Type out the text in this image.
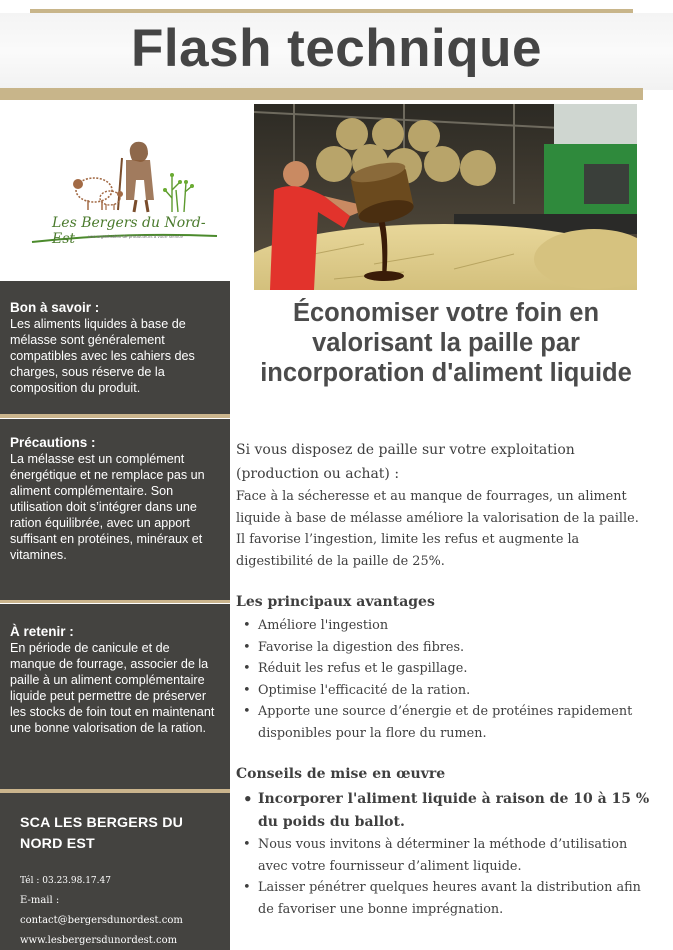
Flash technique
Les Bergers du Nord-Est	une organisation de producteurs à votre service
Bon à savoir :
Les aliments liquides à base de mélasse sont généralement compatibles avec les cahiers des charges, sous réserve de la composition du produit.
Précautions :
La mélasse est un complément énergétique et ne remplace pas un aliment complémentaire. Son utilisation doit s’intégrer dans une ration équilibrée, avec un apport suffisant en protéines, minéraux et vitamines.
À retenir :
En période de canicule et de manque de fourrage, associer de la paille à un aliment complémentaire liquide peut permettre de préserver les stocks de foin tout en maintenant une bonne valorisation de la ration.
SCA LES BERGERS DU NORD EST
Tél : 03.23.98.17.47
E-mail : contact@bergersdunordest.com
www.lesbergersdunordest.com
Économiser votre foin en valorisant la paille par incorporation d'aliment liquide

Si vous disposez de paille sur votre exploitation (production ou achat) :

Face à la sécheresse et au manque de fourrages, un aliment liquide à base de mélasse améliore la valorisation de la paille. Il favorise l’ingestion, limite les refus et augmente la digestibilité de la paille de 25%.

Les principaux avantages
• Améliore l'ingestion
• Favorise la digestion des fibres.
• Réduit les refus et le gaspillage.
• Optimise l'efficacité de la ration.
• Apporte une source d’énergie et de protéines rapidement disponibles pour la flore du rumen.
Conseils de mise en œuvre
• Incorporer l'aliment liquide à raison de 10 à 15 % du poids du ballot.
• Nous vous invitons à déterminer la méthode d’utilisation avec votre fournisseur d’aliment liquide.
• Laisser pénétrer quelques heures avant la distribution afin de favoriser une bonne imprégnation.
